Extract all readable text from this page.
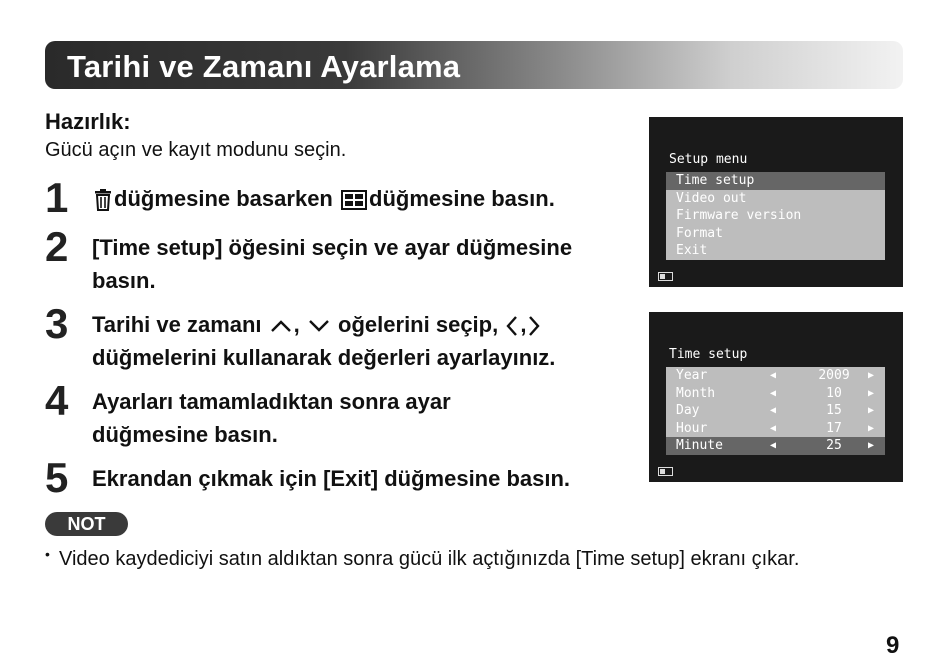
Tarihi ve Zamanı Ayarlama
Hazırlık:
Gücü açın ve kayıt modunu seçin.
1	düğmesine basarken düğmesine basın.
2 [Time setup] öğesini seçin ve ayar düğmesine basın.
3 Tarihi ve zamanı , oğelerini seçip, ,

düğmelerini kullanarak değerleri ayarlayınız.
4 Ayarları tamamladıktan sonra ayar düğmesine basın.
5 Ekrandan çıkmak için [Exit] düğmesine basın.
Setup menu
Time setup
Video out
Firmware version
Format
Exit
Time setup
Year	◀	2009	▶
Month	◀	10	▶
Day	◀	15	▶
Hour	◀	17	▶
Minute	◀	25	▶
NOT
• Video kaydediciyi satın aldıktan sonra gücü ilk açtığınızda [Time setup] ekranı çıkar.
9
